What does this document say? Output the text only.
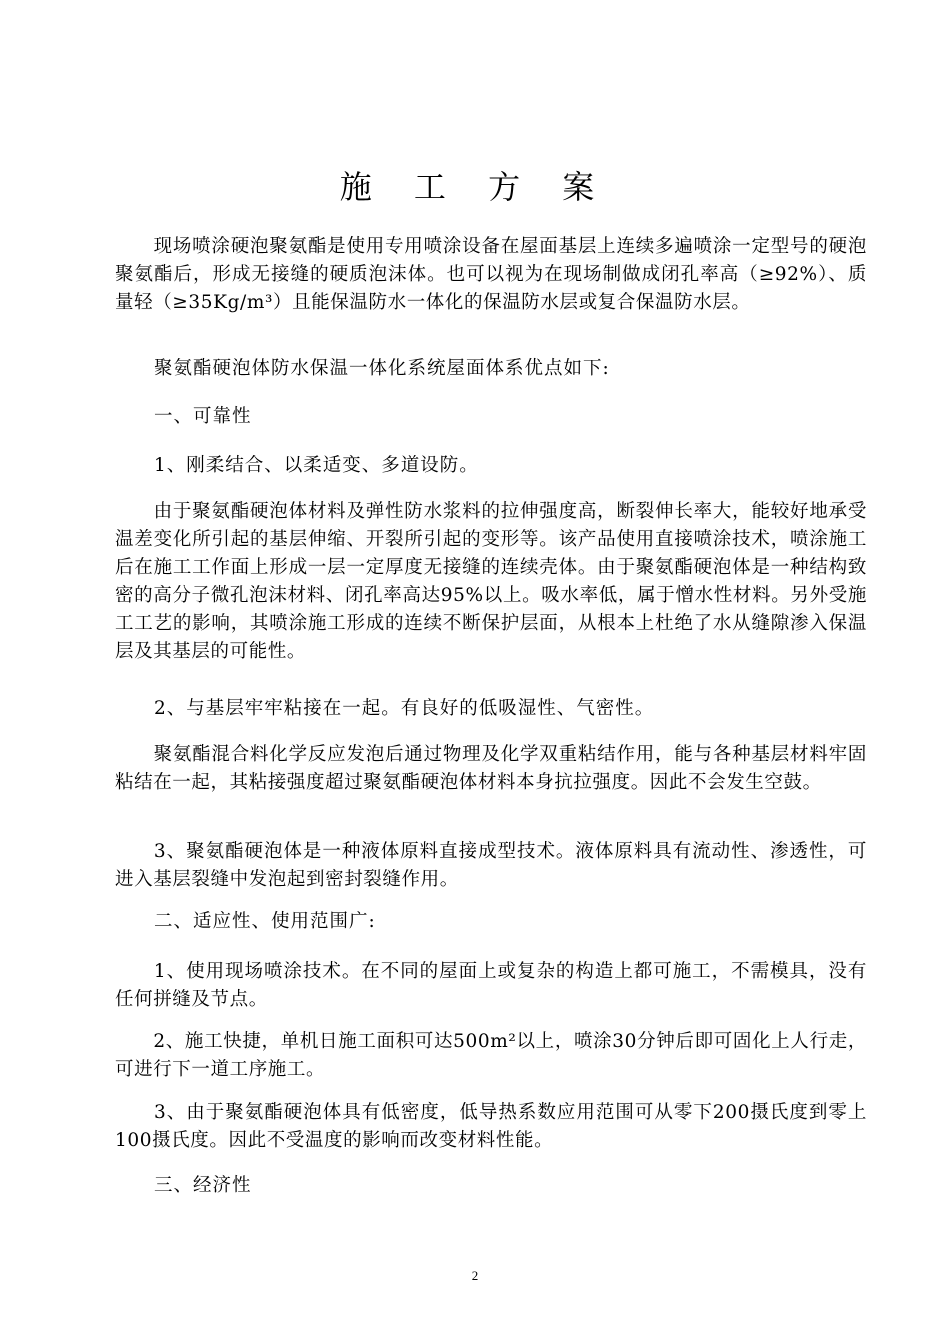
施 工 方 案

　　现场喷涂硬泡聚氨酯是使用专用喷涂设备在屋面基层上连续多遍喷涂一定型号的硬泡聚氨酯后，形成无接缝的硬质泡沫体。也可以视为在现场制做成闭孔率高（≥92%）、质量轻（≥35Kg/m³）且能保温防水一体化的保温防水层或复合保温防水层。

　　聚氨酯硬泡体防水保温一体化系统屋面体系优点如下:

　　一、可靠性

　　1、刚柔结合、以柔适变、多道设防。

　　由于聚氨酯硬泡体材料及弹性防水浆料的拉伸强度高，断裂伸长率大，能较好地承受温差变化所引起的基层伸缩、开裂所引起的变形等。该产品使用直接喷涂技术，喷涂施工后在施工工作面上形成一层一定厚度无接缝的连续壳体。由于聚氨酯硬泡体是一种结构致密的高分子微孔泡沫材料、闭孔率高达95%以上。吸水率低，属于憎水性材料。另外受施工工艺的影响，其喷涂施工形成的连续不断保护层面，从根本上杜绝了水从缝隙渗入保温层及其基层的可能性。

　　2、与基层牢牢粘接在一起。有良好的低吸湿性、气密性。

　　聚氨酯混合料化学反应发泡后通过物理及化学双重粘结作用，能与各种基层材料牢固粘结在一起，其粘接强度超过聚氨酯硬泡体材料本身抗拉强度。因此不会发生空鼓。

　　3、聚氨酯硬泡体是一种液体原料直接成型技术。液体原料具有流动性、渗透性，可进入基层裂缝中发泡起到密封裂缝作用。

　　二、适应性、使用范围广:

　　1、使用现场喷涂技术。在不同的屋面上或复杂的构造上都可施工，不需模具，没有任何拼缝及节点。

　　2、施工快捷，单机日施工面积可达500m²以上，喷涂30分钟后即可固化上人行走，可进行下一道工序施工。

　　3、由于聚氨酯硬泡体具有低密度，低导热系数应用范围可从零下200摄氏度到零上100摄氏度。因此不受温度的影响而改变材料性能。

　　三、经济性

2
